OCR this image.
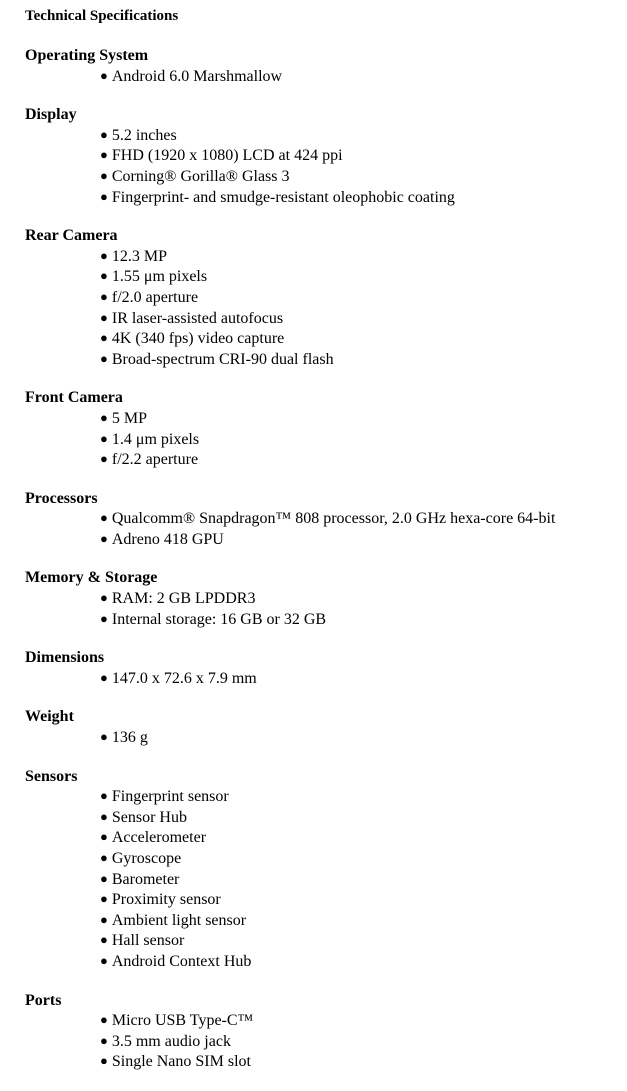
Technical Specifications
Operating System
● Android 6.0 Marshmallow
Display
● 5.2 inches
● FHD (1920 x 1080) LCD at 424 ppi
● Corning® Gorilla® Glass 3
● Fingerprint- and smudge-resistant oleophobic coating
Rear Camera
● 12.3 MP
● 1.55 μm pixels
● f/2.0 aperture
● IR laser-assisted autofocus
● 4K (340 fps) video capture
● Broad-spectrum CRI-90 dual flash
Front Camera
● 5 MP
● 1.4 μm pixels
● f/2.2 aperture
Processors
● Qualcomm® Snapdragon™ 808 processor, 2.0 GHz hexa-core 64-bit
● Adreno 418 GPU
Memory & Storage
● RAM: 2 GB LPDDR3
● Internal storage: 16 GB or 32 GB
Dimensions
● 147.0 x 72.6 x 7.9 mm
Weight
● 136 g
Sensors
● Fingerprint sensor
● Sensor Hub
● Accelerometer
● Gyroscope
● Barometer
● Proximity sensor
● Ambient light sensor
● Hall sensor
● Android Context Hub
Ports
● Micro USB Type-C™
● 3.5 mm audio jack
● Single Nano SIM slot
